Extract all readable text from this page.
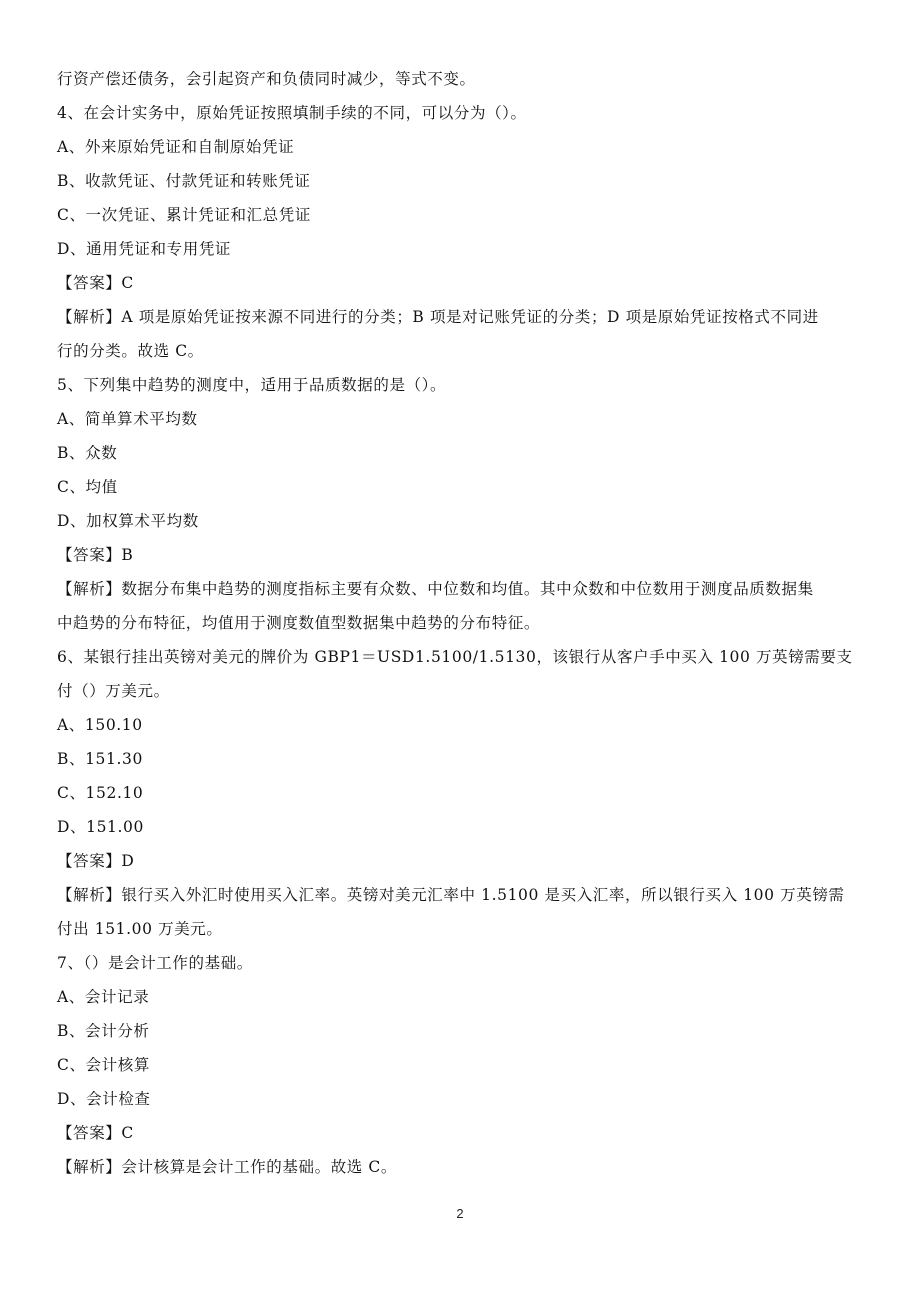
行资产偿还债务，会引起资产和负债同时减少，等式不变。
4、在会计实务中，原始凭证按照填制手续的不同，可以分为（）。
A、外来原始凭证和自制原始凭证
B、收款凭证、付款凭证和转账凭证
C、一次凭证、累计凭证和汇总凭证
D、通用凭证和专用凭证
【答案】C
【解析】A 项是原始凭证按来源不同进行的分类；B 项是对记账凭证的分类；D 项是原始凭证按格式不同进
行的分类。故选 C。
5、下列集中趋势的测度中，适用于品质数据的是（）。
A、简单算术平均数
B、众数
C、均值
D、加权算术平均数
【答案】B
【解析】数据分布集中趋势的测度指标主要有众数、中位数和均值。其中众数和中位数用于测度品质数据集
中趋势的分布特征，均值用于测度数值型数据集中趋势的分布特征。
6、某银行挂出英镑对美元的牌价为 GBP1＝USD1.5100/1.5130，该银行从客户手中买入 100 万英镑需要支
付（）万美元。
A、150.10
B、151.30
C、152.10
D、151.00
【答案】D
【解析】银行买入外汇时使用买入汇率。英镑对美元汇率中 1.5100 是买入汇率，所以银行买入 100 万英镑需
付出 151.00 万美元。
7、（）是会计工作的基础。
A、会计记录
B、会计分析
C、会计核算
D、会计检查
【答案】C
【解析】会计核算是会计工作的基础。故选 C。
2
